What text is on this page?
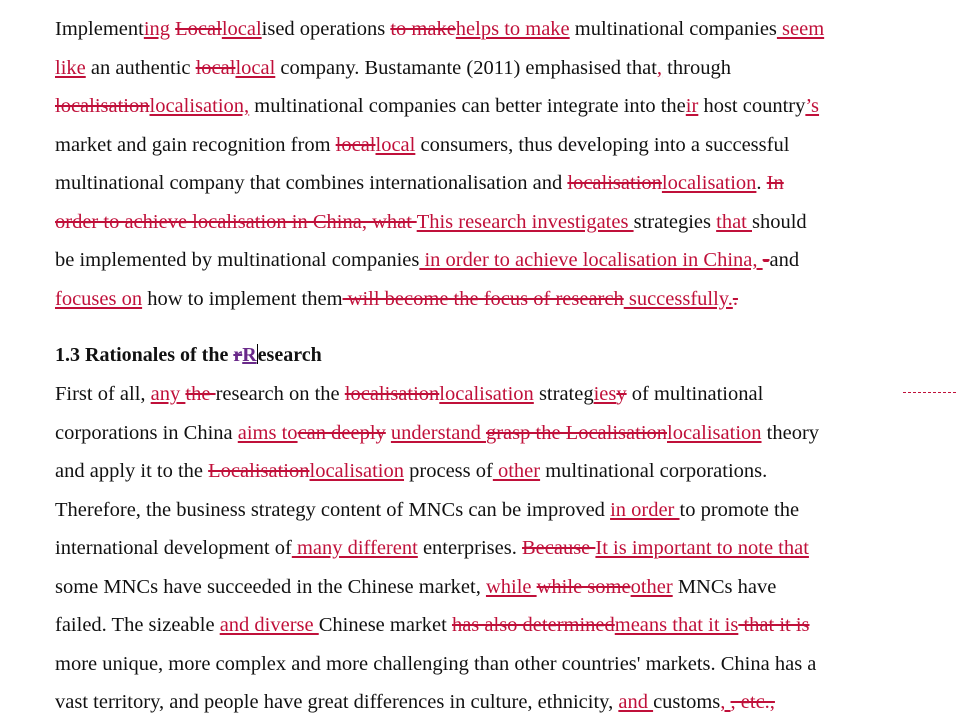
Implementing Locallocalised operations to makehelps to make multinational companies seem
like an authentic locallocal company. Bustamante (2011) emphasised that, through
localisationlocalisation, multinational companies can better integrate into their host country’s
market and gain recognition from locallocal consumers, thus developing into a successful
multinational company that combines internationalisation and localisationlocalisation. In
order to achieve localisation in China, what This research investigates strategies that should
be implemented by multinational companies in order to achieve localisation in China, -and
focuses on how to implement them will become the focus of research successfully..
1.3 Rationales of the rResearch
First of all, any the research on the localisationlocalisation strategiesy of multinational
corporations in China aims tocan deeply understand grasp the Localisationlocalisation theory
and apply it to the Localisationlocalisation process of other multinational corporations.
Therefore, the business strategy content of MNCs can be improved in order to promote the
international development of many different enterprises. Because It is important to note that
some MNCs have succeeded in the Chinese market, while while someother MNCs have
failed. The sizeable and diverse Chinese market has also determinedmeans that it is that it is
more unique, more complex and more challenging than other countries' markets. China has a
vast territory, and people have great differences in culture, ethnicity, and customs, , etc.,
